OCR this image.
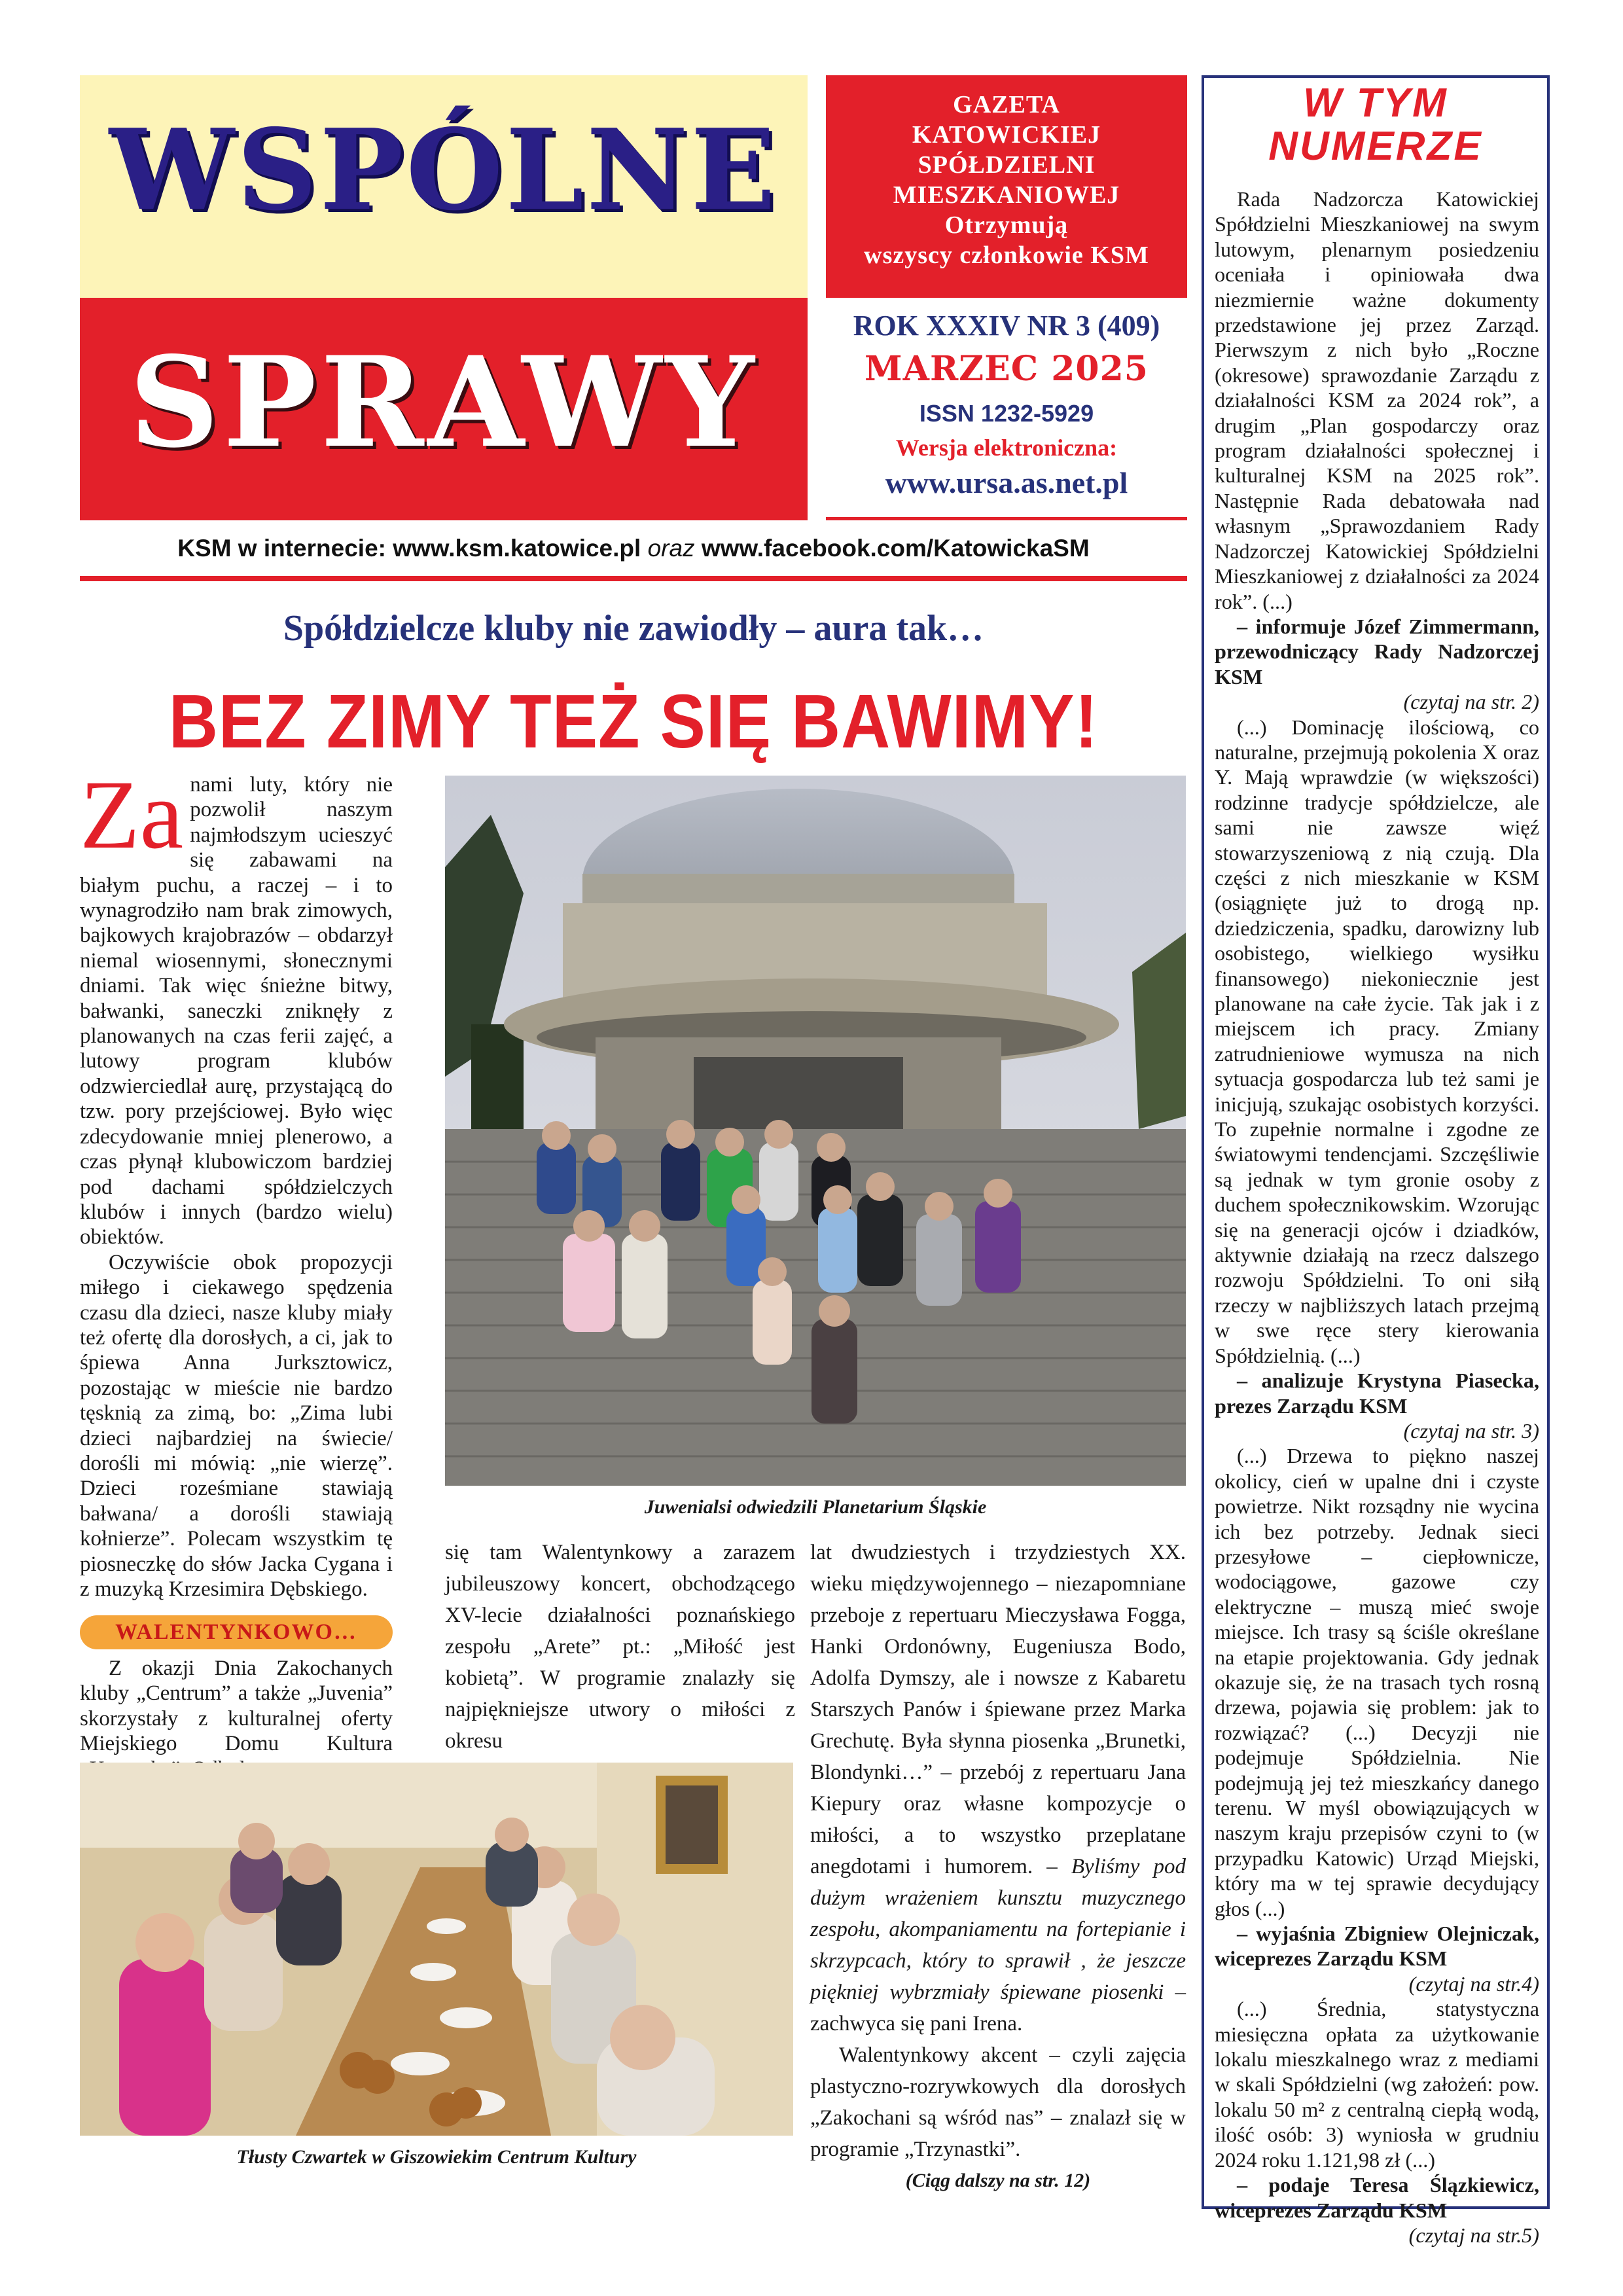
WSPÓLNE
SPRAWY
GAZETA
KATOWICKIEJ
SPÓŁDZIELNI
MIESZKANIOWEJ
Otrzymują
wszyscy członkowie KSM
ROK XXXIV NR 3 (409)
MARZEC 2025
ISSN 1232-5929
Wersja elektroniczna:
www.ursa.as.net.pl
KSM w internecie: www.ksm.katowice.pl oraz www.facebook.com/KatowickaSM
Spółdzielcze kluby nie zawiodły – aura tak…
BEZ ZIMY TEŻ SIĘ BAWIMY!

Za nami luty, który nie pozwolił naszym najmłodszym ucieszyć się zabawami na białym puchu, a raczej – i to wynagrodziło nam brak zimowych, bajkowych krajobrazów – obdarzył niemal wiosennymi, słonecznymi dniami. Tak więc śnieżne bitwy, bałwanki, saneczki zniknęły z planowanych na czas ferii zajęć, a lutowy program klubów odzwierciedlał aurę, przystającą do tzw. pory przejściowej. Było więc zdecydowanie mniej plenerowo, a czas płynął klubowiczom bardziej pod dachami spółdzielczych klubów i innych (bardzo wielu) obiektów.

Oczywiście obok propozycji miłego i ciekawego spędzenia czasu dla dzieci, nasze kluby miały też ofertę dla dorosłych, a ci, jak to śpiewa Anna Jurksztowicz, pozostając w mieście nie bardzo tęsknią za zimą, bo: „Zima lubi dzieci najbardziej na świecie/ dorośli mi mówią: „nie wierzę”. Dzieci roześmiane stawiają bałwana/ a dorośli stawiają kołnierze”. Polecam wszystkim tę piosneczkę do słów Jacka Cygana i z muzyką Krzesimira Dębskiego.

WALENTYNKOWO…

Z okazji Dnia Zakochanych kluby „Centrum” a także „Juvenia” skorzystały z kulturalnej oferty Miejskiego Domu Kultura

Juwenialsi odwiedzili Planetarium Śląskie

się tam Walentynkowy a zarazem jubileuszowy koncert, obchodzącego XV-lecie działalności poznańskiego zespołu „Arete” pt.: „Miłość jest kobietą”. W programie znalazły się najpiękniejsze utwory o miłości z okresu

lat dwudziestych i trzydziestych XX. wieku międzywojennego – niezapomniane przeboje z repertuaru Mieczysława Fogga, Hanki Ordonówny, Eugeniusza Bodo, Adolfa Dymszy, ale i nowsze z Kabaretu Starszych Panów i śpiewane przez Marka Grechutę. Była słynna piosenka „Brunetki, Blondynki…” – przebój z repertuaru Jana Kiepury oraz własne kompozycje o miłości, a to wszystko przeplatane anegdotami i humorem. – Byliśmy pod dużym wrażeniem kunsztu muzycznego zespołu, akompaniamentu na fortepianie i skrzypcach, który to sprawił , że jeszcze piękniej wybrzmiały śpiewane piosenki – zachwyca się pani Irena.

Walentynkowy akcent – czyli zajęcia plastyczno-rozrywkowych dla dorosłych „Zakochani są wśród nas” – znalazł się w programie „Trzynastki”.

(Ciąg dalszy na str. 12)

Tłusty Czwartek w Giszowiekim Centrum Kultury
W TYM
NUMERZE

Rada Nadzorcza Katowickiej Spółdzielni Mieszkaniowej na swym lutowym, plenarnym posiedzeniu oceniała i opiniowała dwa niezmiernie ważne dokumenty przedstawione jej przez Zarząd. Pierwszym z nich było „Roczne (okresowe) sprawozdanie Zarządu z działalności KSM za 2024 rok”, a drugim „Plan gospodarczy oraz program działalności społecznej i kulturalnej KSM na 2025 rok”. Następnie Rada debatowała nad własnym „Sprawozdaniem Rady Nadzorczej Katowickiej Spółdzielni Mieszkaniowej z działalności za 2024 rok”. (...)

– informuje Józef Zimmermann, przewodniczący Rady Nadzorczej KSM

(czytaj na str. 2)

(...) Dominację ilościową, co naturalne, przejmują pokolenia X oraz Y. Mają wprawdzie (w większości) rodzinne tradycje spółdzielcze, ale sami nie zawsze więź stowarzyszeniową z nią czują. Dla części z nich mieszkanie w KSM (osiągnięte już to drogą np. dziedziczenia, spadku, darowizny lub osobistego, wielkiego wysiłku finansowego) niekoniecznie jest planowane na całe życie. Tak jak i z miejscem ich pracy. Zmiany zatrudnieniowe wymusza na nich sytuacja gospodarcza lub też sami je inicjują, szukając osobistych korzyści. To zupełnie normalne i zgodne ze światowymi tendencjami. Szczęśliwie są jednak w tym gronie osoby z duchem społecznikowskim. Wzorując się na generacji ojców i dziadków, aktywnie działają na rzecz dalszego rozwoju Spółdzielni. To oni siłą rzeczy w najbliższych latach przejmą w swe ręce stery kierowania Spółdzielnią. (...)

– analizuje Krystyna Piasecka, prezes Zarządu KSM

(czytaj na str. 3)

(...) Drzewa to piękno naszej okolicy, cień w upalne dni i czyste powietrze. Nikt rozsądny nie wycina ich bez potrzeby. Jednak sieci przesyłowe – ciepłownicze, wodociągowe, gazowe czy elektryczne – muszą mieć swoje miejsce. Ich trasy są ściśle określane na etapie projektowania. Gdy jednak okazuje się, że na trasach tych rosną drzewa, pojawia się problem: jak to rozwiązać? (...) Decyzji nie podejmuje Spółdzielnia. Nie podejmują jej też mieszkańcy danego terenu. W myśl obowiązujących w naszym kraju przepisów czyni to (w przypadku Katowic) Urząd Miejski, który ma w tej sprawie decydujący głos (...)

– wyjaśnia Zbigniew Olejniczak, wiceprezes Zarządu KSM

(czytaj na str.4)

(...) Średnia, statystyczna miesięczna opłata za użytkowanie lokalu mieszkalnego wraz z mediami w skali Spółdzielni (wg założeń: pow. lokalu 50 m² z centralną ciepłą wodą, ilość osób: 3) wyniosła w grudniu 2024 roku 1.121,98 zł (...)

– podaje Teresa Ślązkiewicz, wiceprezes Zarządu KSM

(czytaj na str.5)
